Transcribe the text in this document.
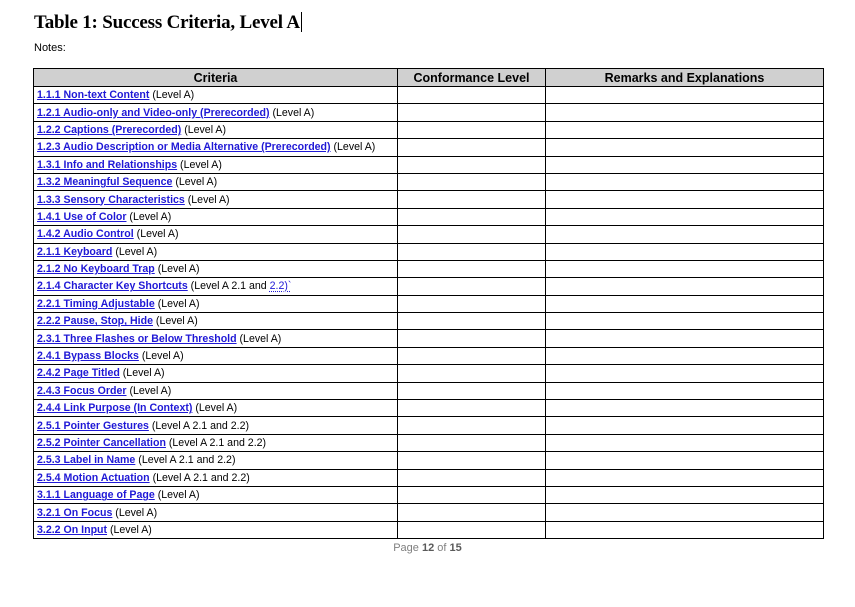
Table 1: Success Criteria, Level A
Notes:
Criteria	Conformance Level	Remarks and Explanations
1.1.1 Non-text Content (Level A)		
1.2.1 Audio-only and Video-only (Prerecorded) (Level A)		
1.2.2 Captions (Prerecorded) (Level A)		
1.2.3 Audio Description or Media Alternative (Prerecorded) (Level A)		
1.3.1 Info and Relationships (Level A)		
1.3.2 Meaningful Sequence (Level A)		
1.3.3 Sensory Characteristics (Level A)		
1.4.1 Use of Color (Level A)		
1.4.2 Audio Control (Level A)		
2.1.1 Keyboard (Level A)		
2.1.2 No Keyboard Trap (Level A)		
2.1.4 Character Key Shortcuts (Level A 2.1 and 2.2)`		
2.2.1 Timing Adjustable (Level A)		
2.2.2 Pause, Stop, Hide (Level A)		
2.3.1 Three Flashes or Below Threshold (Level A)		
2.4.1 Bypass Blocks (Level A)		
2.4.2 Page Titled (Level A)		
2.4.3 Focus Order (Level A)		
2.4.4 Link Purpose (In Context) (Level A)		
2.5.1 Pointer Gestures (Level A 2.1 and 2.2)		
2.5.2 Pointer Cancellation (Level A 2.1 and 2.2)		
2.5.3 Label in Name (Level A 2.1 and 2.2)		
2.5.4 Motion Actuation (Level A 2.1 and 2.2)		
3.1.1 Language of Page (Level A)		
3.2.1 On Focus (Level A)		
3.2.2 On Input (Level A)		
Page 12 of 15
